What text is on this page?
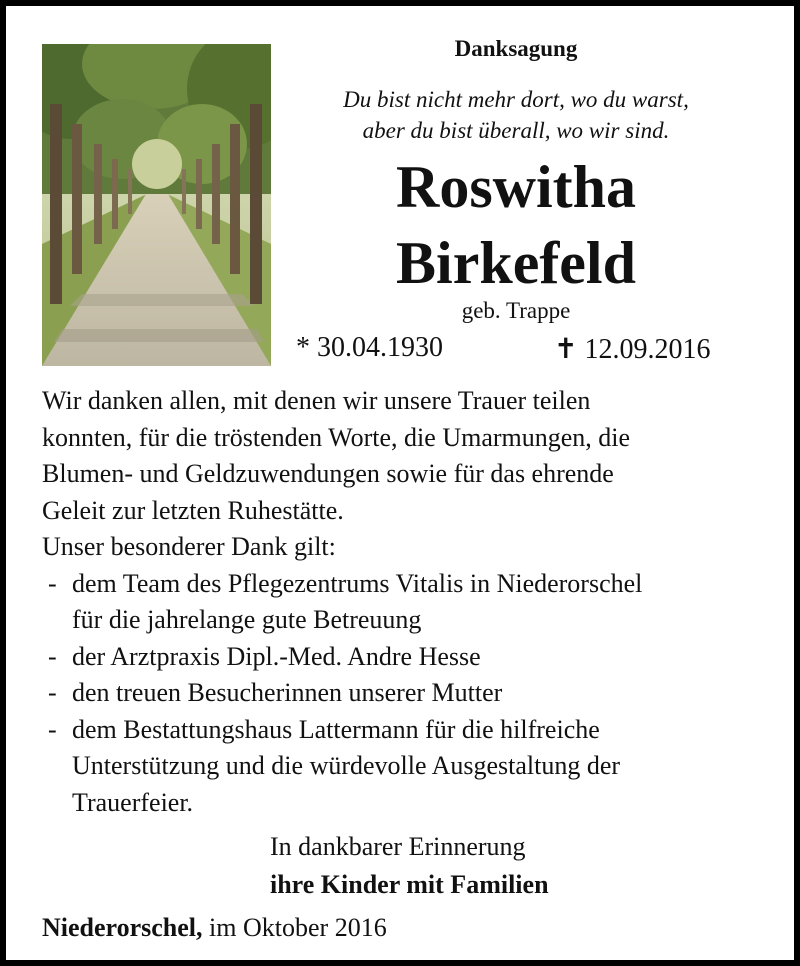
Danksagung
Du bist nicht mehr dort, wo du warst,
aber du bist überall, wo wir sind.
Roswitha
Birkefeld
geb. Trappe
* 30.04.1930	✝ 12.09.2016

Wir danken allen, mit denen wir unsere Trauer teilen

konnten, für die tröstenden Worte, die Umarmungen, die

Blumen- und Geldzuwendungen sowie für das ehrende

Geleit zur letzten Ruhestätte.

Unser besonderer Dank gilt:

- dem Team des Pflegezentrums Vitalis in Niederorschel
für die jahrelange gute Betreuung
- der Arztpraxis Dipl.-Med. Andre Hesse
- den treuen Besucherinnen unserer Mutter
- dem Bestattungshaus Lattermann für die hilfreiche
Unterstützung und die würdevolle Ausgestaltung der
Trauerfeier.
In dankbarer Erinnerung
ihre Kinder mit Familien
Niederorschel, im Oktober 2016
